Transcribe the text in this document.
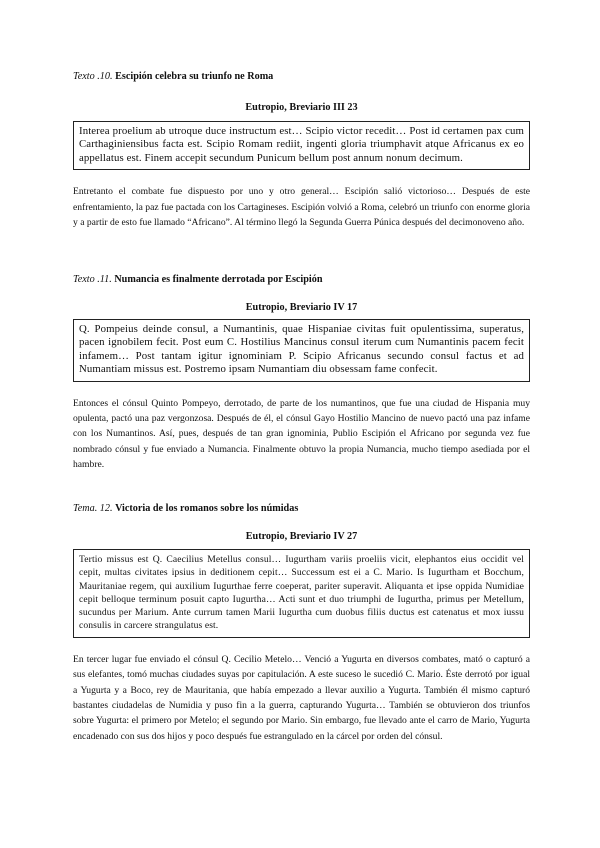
Texto .10. Escipión celebra su triunfo ne Roma

Eutropio, Breviario III 23

Interea proelium ab utroque duce instructum est… Scipio victor recedit… Post id certamen pax cum Carthaginiensibus facta est. Scipio Romam rediit, ingenti gloria triumphavit atque Africanus ex eo appellatus est. Finem accepit secundum Punicum bellum post annum nonum decimum.

Entretanto el combate fue dispuesto por uno y otro general… Escipión salió victorioso… Después de este enfrentamiento, la paz fue pactada con los Cartagineses. Escipión volvió a Roma, celebró un triunfo con enorme gloria y a partir de esto fue llamado “Africano”. Al término llegó la Segunda Guerra Púnica después del decimonoveno año.

Texto .11. Numancia es finalmente derrotada por Escipión

Eutropio, Breviario IV 17

Q. Pompeius deinde consul, a Numantinis, quae Hispaniae civitas fuit opulentissima, superatus, pacen ignobilem fecit. Post eum C. Hostilius Mancinus consul iterum cum Numantinis pacem fecit infamem… Post tantam igitur ignominiam P. Scipio Africanus secundo consul factus et ad Numantiam missus est. Postremo ipsam Numantiam diu obsessam fame confecit.

Entonces el cónsul Quinto Pompeyo, derrotado, de parte de los numantinos, que fue una ciudad de Hispania muy opulenta, pactó una paz vergonzosa. Después de él, el cónsul Gayo Hostilio Mancino de nuevo pactó una paz infame con los Numantinos. Así, pues, después de tan gran ignominia, Publio Escipión el Africano por segunda vez fue nombrado cónsul y fue enviado a Numancia. Finalmente obtuvo la propia Numancia, mucho tiempo asediada por el hambre.

Tema. 12. Victoria de los romanos sobre los númidas

Eutropio, Breviario IV 27

Tertio missus est Q. Caecilius Metellus consul… Iugurtham variis proeliis vicit, elephantos eius occidit vel cepit, multas civitates ipsius in deditionem cepit… Successum est ei a C. Mario. Is Iugurtham et Bocchum, Mauritaniae regem, qui auxilium Iugurthae ferre coeperat, pariter superavit. Aliquanta et ipse oppida Numidiae cepit belloque terminum posuit capto Iugurtha… Acti sunt et duo triumphi de Iugurtha, primus per Metellum, sucundus per Marium. Ante currum tamen Marii Iugurtha cum duobus filiis ductus est catenatus et mox iussu consulis in carcere strangulatus est.

En tercer lugar fue enviado el cónsul Q. Cecilio Metelo… Venció a Yugurta en diversos combates, mató o capturó a sus elefantes, tomó muchas ciudades suyas por capitulación. A este suceso le sucedió C. Mario. Éste derrotó por igual a Yugurta y a Boco, rey de Mauritania, que había empezado a llevar auxilio a Yugurta. También él mismo capturó bastantes ciudadelas de Numidia y puso fin a la guerra, capturando Yugurta… También se obtuvieron dos triunfos sobre Yugurta: el primero por Metelo; el segundo por Mario. Sin embargo, fue llevado ante el carro de Mario, Yugurta encadenado con sus dos hijos y poco después fue estrangulado en la cárcel por orden del cónsul.
